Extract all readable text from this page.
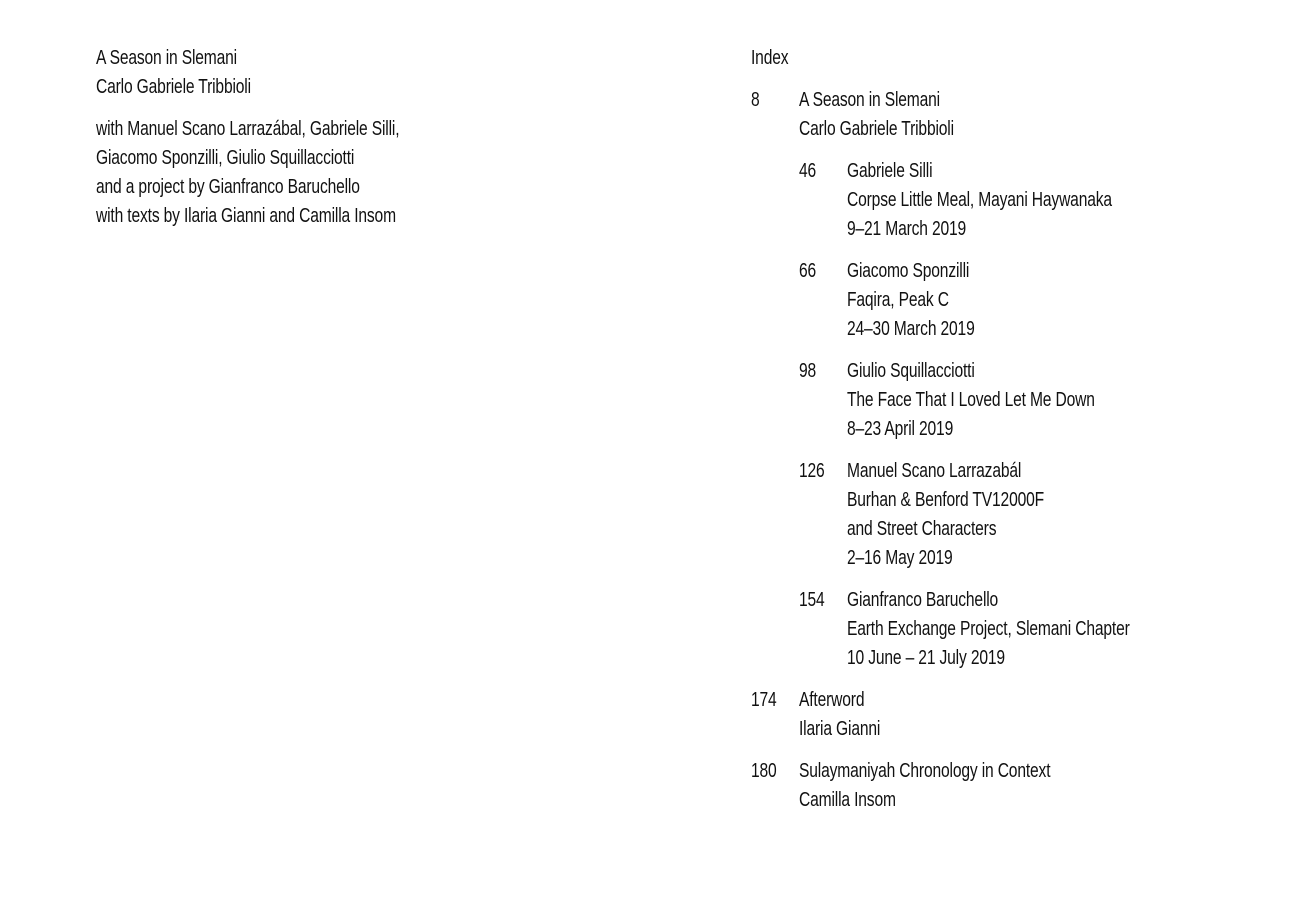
A Season in Slemani
Carlo Gabriele Tribbioli
with Manuel Scano Larrazábal, Gabriele Silli,
Giacomo Sponzilli, Giulio Squillacciotti
and a project by Gianfranco Baruchello
with texts by Ilaria Gianni and Camilla Insom
Index
8 A Season in Slemani
Carlo Gabriele Tribbioli
46 Gabriele Silli
Corpse Little Meal, Mayani Haywanaka
9–21 March 2019
66 Giacomo Sponzilli
Faqira, Peak C
24–30 March 2019
98 Giulio Squillacciotti
The Face That I Loved Let Me Down
8–23 April 2019
126	Manuel Scano Larrazabál
Burhan & Benford TV12000F
and Street Characters
2–16 May 2019
154	Gianfranco Baruchello
Earth Exchange Project, Slemani Chapter
10 June – 21 July 2019
174	Afterword
Ilaria Gianni
180	Sulaymaniyah Chronology in Context
Camilla Insom
